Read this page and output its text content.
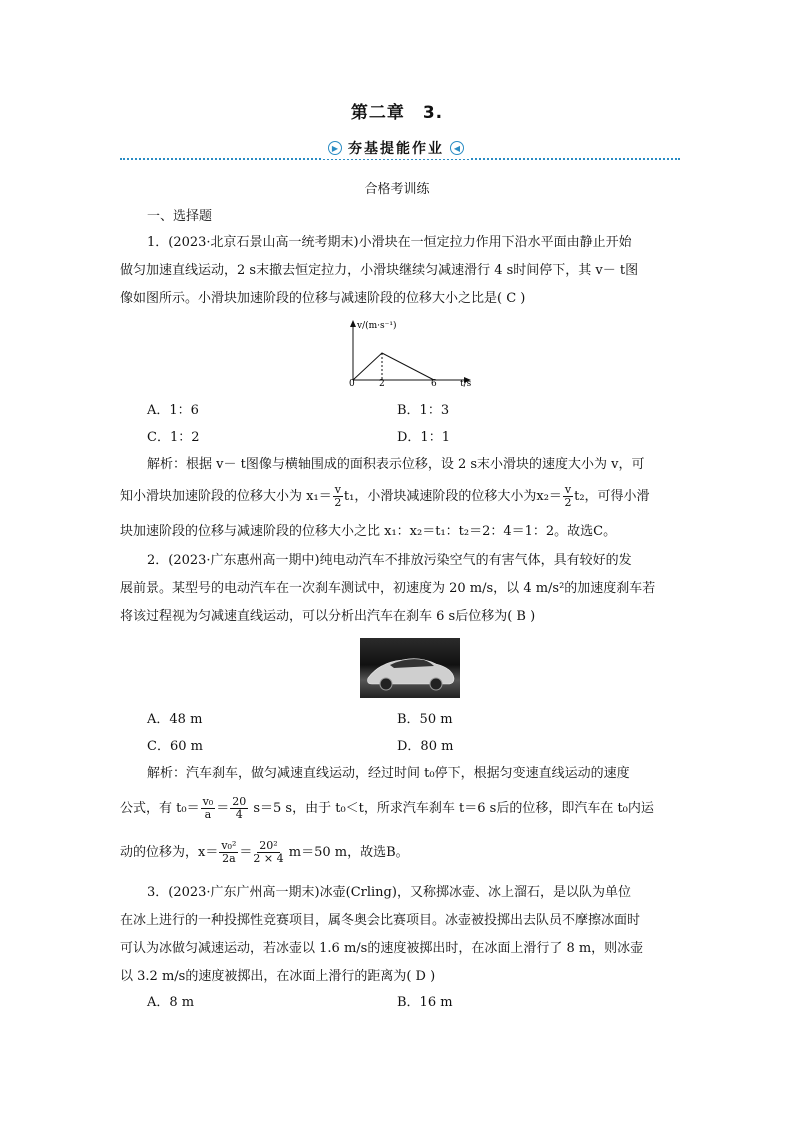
第二章　3.
▶ 夯基提能作业	◀
合格考训练
一、选择题
1．(2023·北京石景山高一统考期末)小滑块在一恒定拉力作用下沿水平面由静止开始
做匀加速直线运动，2 s末撤去恒定拉力，小滑块继续匀减速滑行 4 s时间停下，其 v－ t图
像如图所示。小滑块加速阶段的位移与减速阶段的位移大小之比是( C )
v/(m·s⁻¹)
t/s
0	2	6
A．1：6	B．1：3
C．1：2	D．1：1
解析：根据 v－ t图像与横轴围成的面积表示位移，设 2 s末小滑块的速度大小为 v，可
知小滑块加速阶段的位移大小为 $x_1= \frac{v}{2} t_1$，小滑块减速阶段的位移大小为$x_2= \frac{v}{2} t_2$，可得小滑
块加速阶段的位移与减速阶段的位移大小之比 x₁：x₂＝t₁：t₂＝2：4＝1：2。故选C。
2．(2023·广东惠州高一期中)纯电动汽车不排放污染空气的有害气体，具有较好的发
展前景。某型号的电动汽车在一次刹车测试中，初速度为 20 m/s，以 4 m/s²的加速度刹车若
将该过程视为匀减速直线运动，可以分析出汽车在刹车 6 s后位移为( B )
A．48 m	B．50 m
C．60 m	D．80 m
解析：汽车刹车，做匀减速直线运动，经过时间 t₀停下，根据匀变速直线运动的速度
公式，有 $t_0= \frac{\text{v₀}}{a} = \frac{20}{4} s=5$ s，由于 t₀＜t，所求汽车刹车 t＝6 s后的位移，即汽车在 t₀内运
动的位移为，$x= \frac{\text{v₀²}}{2a} = \frac{\text{20²}}{2 \times 4} m=50$ m，故选B。
3．(2023·广东广州高一期末)冰壶(Crling)，又称掷冰壶、冰上溜石，是以队为单位
在冰上进行的一种投掷性竞赛项目，属冬奥会比赛项目。冰壶被投掷出去队员不摩擦冰面时
可认为冰做匀减速运动，若冰壶以 1.6 m/s的速度被掷出时，在冰面上滑行了 8 m，则冰壶
以 3.2 m/s的速度被掷出，在冰面上滑行的距离为( D )
A．8 m	B．16 m
